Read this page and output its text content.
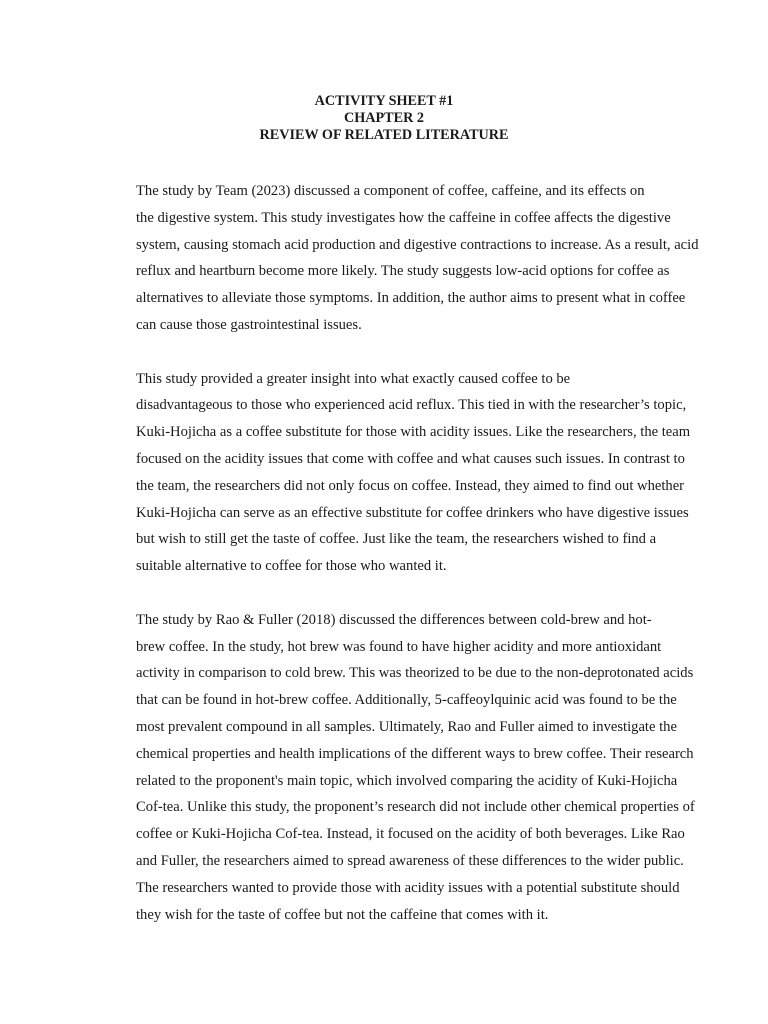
ACTIVITY SHEET #1
CHAPTER 2
REVIEW OF RELATED LITERATURE

The study by Team (2023) discussed a component of coffee, caffeine, and its effects on
the digestive system. This study investigates how the caffeine in coffee affects the digestive
system, causing stomach acid production and digestive contractions to increase. As a result, acid
reflux and heartburn become more likely. The study suggests low-acid options for coffee as
alternatives to alleviate those symptoms. In addition, the author aims to present what in coffee
can cause those gastrointestinal issues.

This study provided a greater insight into what exactly caused coffee to be
disadvantageous to those who experienced acid reflux. This tied in with the researcher’s topic,
Kuki-Hojicha as a coffee substitute for those with acidity issues. Like the researchers, the team
focused on the acidity issues that come with coffee and what causes such issues. In contrast to
the team, the researchers did not only focus on coffee. Instead, they aimed to find out whether
Kuki-Hojicha can serve as an effective substitute for coffee drinkers who have digestive issues
but wish to still get the taste of coffee. Just like the team, the researchers wished to find a
suitable alternative to coffee for those who wanted it.

The study by Rao & Fuller (2018) discussed the differences between cold-brew and hot-
brew coffee. In the study, hot brew was found to have higher acidity and more antioxidant
activity in comparison to cold brew. This was theorized to be due to the non-deprotonated acids
that can be found in hot-brew coffee. Additionally, 5-caffeoylquinic acid was found to be the
most prevalent compound in all samples. Ultimately, Rao and Fuller aimed to investigate the
chemical properties and health implications of the different ways to brew coffee. Their research
related to the proponent's main topic, which involved comparing the acidity of Kuki-Hojicha
Cof-tea. Unlike this study, the proponent’s research did not include other chemical properties of
coffee or Kuki-Hojicha Cof-tea. Instead, it focused on the acidity of both beverages. Like Rao
and Fuller, the researchers aimed to spread awareness of these differences to the wider public.
The researchers wanted to provide those with acidity issues with a potential substitute should
they wish for the taste of coffee but not the caffeine that comes with it.
